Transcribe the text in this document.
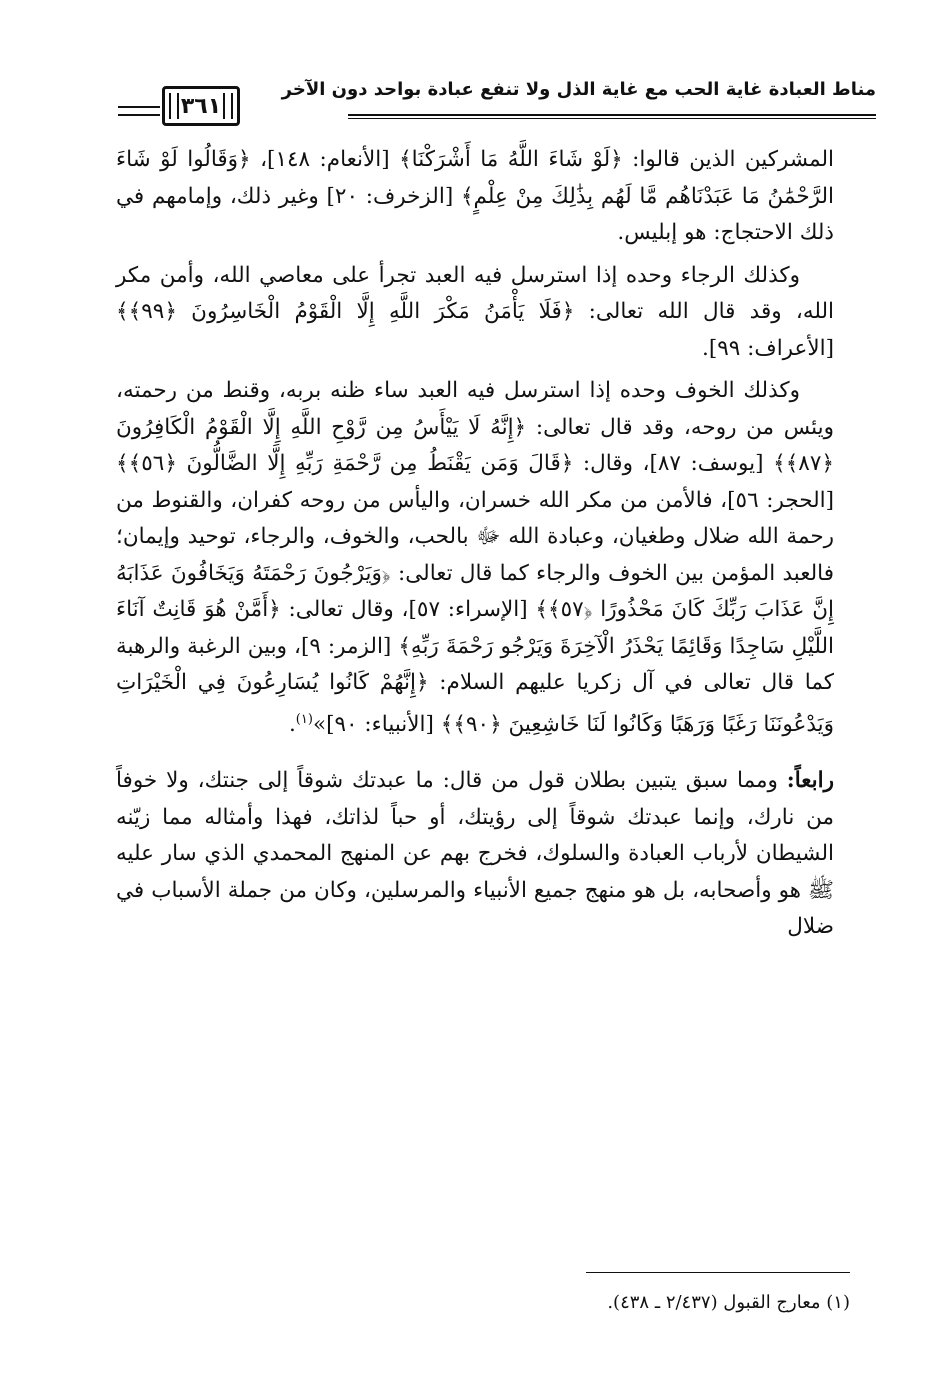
مناط العبادة غاية الحب مع غاية الذل ولا تنفع عبادة بواحد دون الآخر
٣٦١

المشركين الذين قالوا: ﴿لَوْ شَاءَ اللَّهُ مَا أَشْرَكْنَا﴾ [الأنعام: ١٤٨]، ﴿وَقَالُوا لَوْ شَاءَ الرَّحْمَٰنُ مَا عَبَدْنَاهُم مَّا لَهُم بِذَٰلِكَ مِنْ عِلْمٍ﴾ [الزخرف: ٢٠] وغير ذلك، وإمامهم في ذلك الاحتجاج: هو إبليس.

وكذلك الرجاء وحده إذا استرسل فيه العبد تجرأ على معاصي الله، وأمن مكر الله، وقد قال الله تعالى: ﴿فَلَا يَأْمَنُ مَكْرَ اللَّهِ إِلَّا الْقَوْمُ الْخَاسِرُونَ ﴿٩٩﴾﴾ [الأعراف: ٩٩].

وكذلك الخوف وحده إذا استرسل فيه العبد ساء ظنه بربه، وقنط من رحمته، ويئس من روحه، وقد قال تعالى: ﴿إِنَّهُ لَا يَيْأَسُ مِن رَّوْحِ اللَّهِ إِلَّا الْقَوْمُ الْكَافِرُونَ ﴿٨٧﴾﴾ [يوسف: ٨٧]، وقال: ﴿قَالَ وَمَن يَقْنَطُ مِن رَّحْمَةِ رَبِّهِ إِلَّا الضَّالُّونَ ﴿٥٦﴾﴾ [الحجر: ٥٦]، فالأمن من مكر الله خسران، واليأس من روحه كفران، والقنوط من رحمة الله ضلال وطغيان، وعبادة الله ﷻ بالحب، والخوف، والرجاء، توحيد وإيمان؛ فالعبد المؤمن بين الخوف والرجاء كما قال تعالى: ﴿وَيَرْجُونَ رَحْمَتَهُ وَيَخَافُونَ عَذَابَهُ إِنَّ عَذَابَ رَبِّكَ كَانَ مَحْذُورًا ﴿٥٧﴾﴾ [الإسراء: ٥٧]، وقال تعالى: ﴿أَمَّنْ هُوَ قَانِتٌ آنَاءَ اللَّيْلِ سَاجِدًا وَقَائِمًا يَحْذَرُ الْآخِرَةَ وَيَرْجُو رَحْمَةَ رَبِّهِ﴾ [الزمر: ٩]، وبين الرغبة والرهبة كما قال تعالى في آل زكريا عليهم السلام: ﴿إِنَّهُمْ كَانُوا يُسَارِعُونَ فِي الْخَيْرَاتِ وَيَدْعُونَنَا رَغَبًا وَرَهَبًا وَكَانُوا لَنَا خَاشِعِينَ ﴿٩٠﴾﴾ [الأنبياء: ٩٠]»$^{(١)}$.

رابعاً: ومما سبق يتبين بطلان قول من قال: ما عبدتك شوقاً إلى جنتك، ولا خوفاً من نارك، وإنما عبدتك شوقاً إلى رؤيتك، أو حباً لذاتك، فهذا وأمثاله مما زيّنه الشيطان لأرباب العبادة والسلوك، فخرج بهم عن المنهج المحمدي الذي سار عليه ﷺ هو وأصحابه، بل هو منهج جميع الأنبياء والمرسلين، وكان من جملة الأسباب في ضلال

(١) معارج القبول (٢/٤٣٧ ـ ٤٣٨).
